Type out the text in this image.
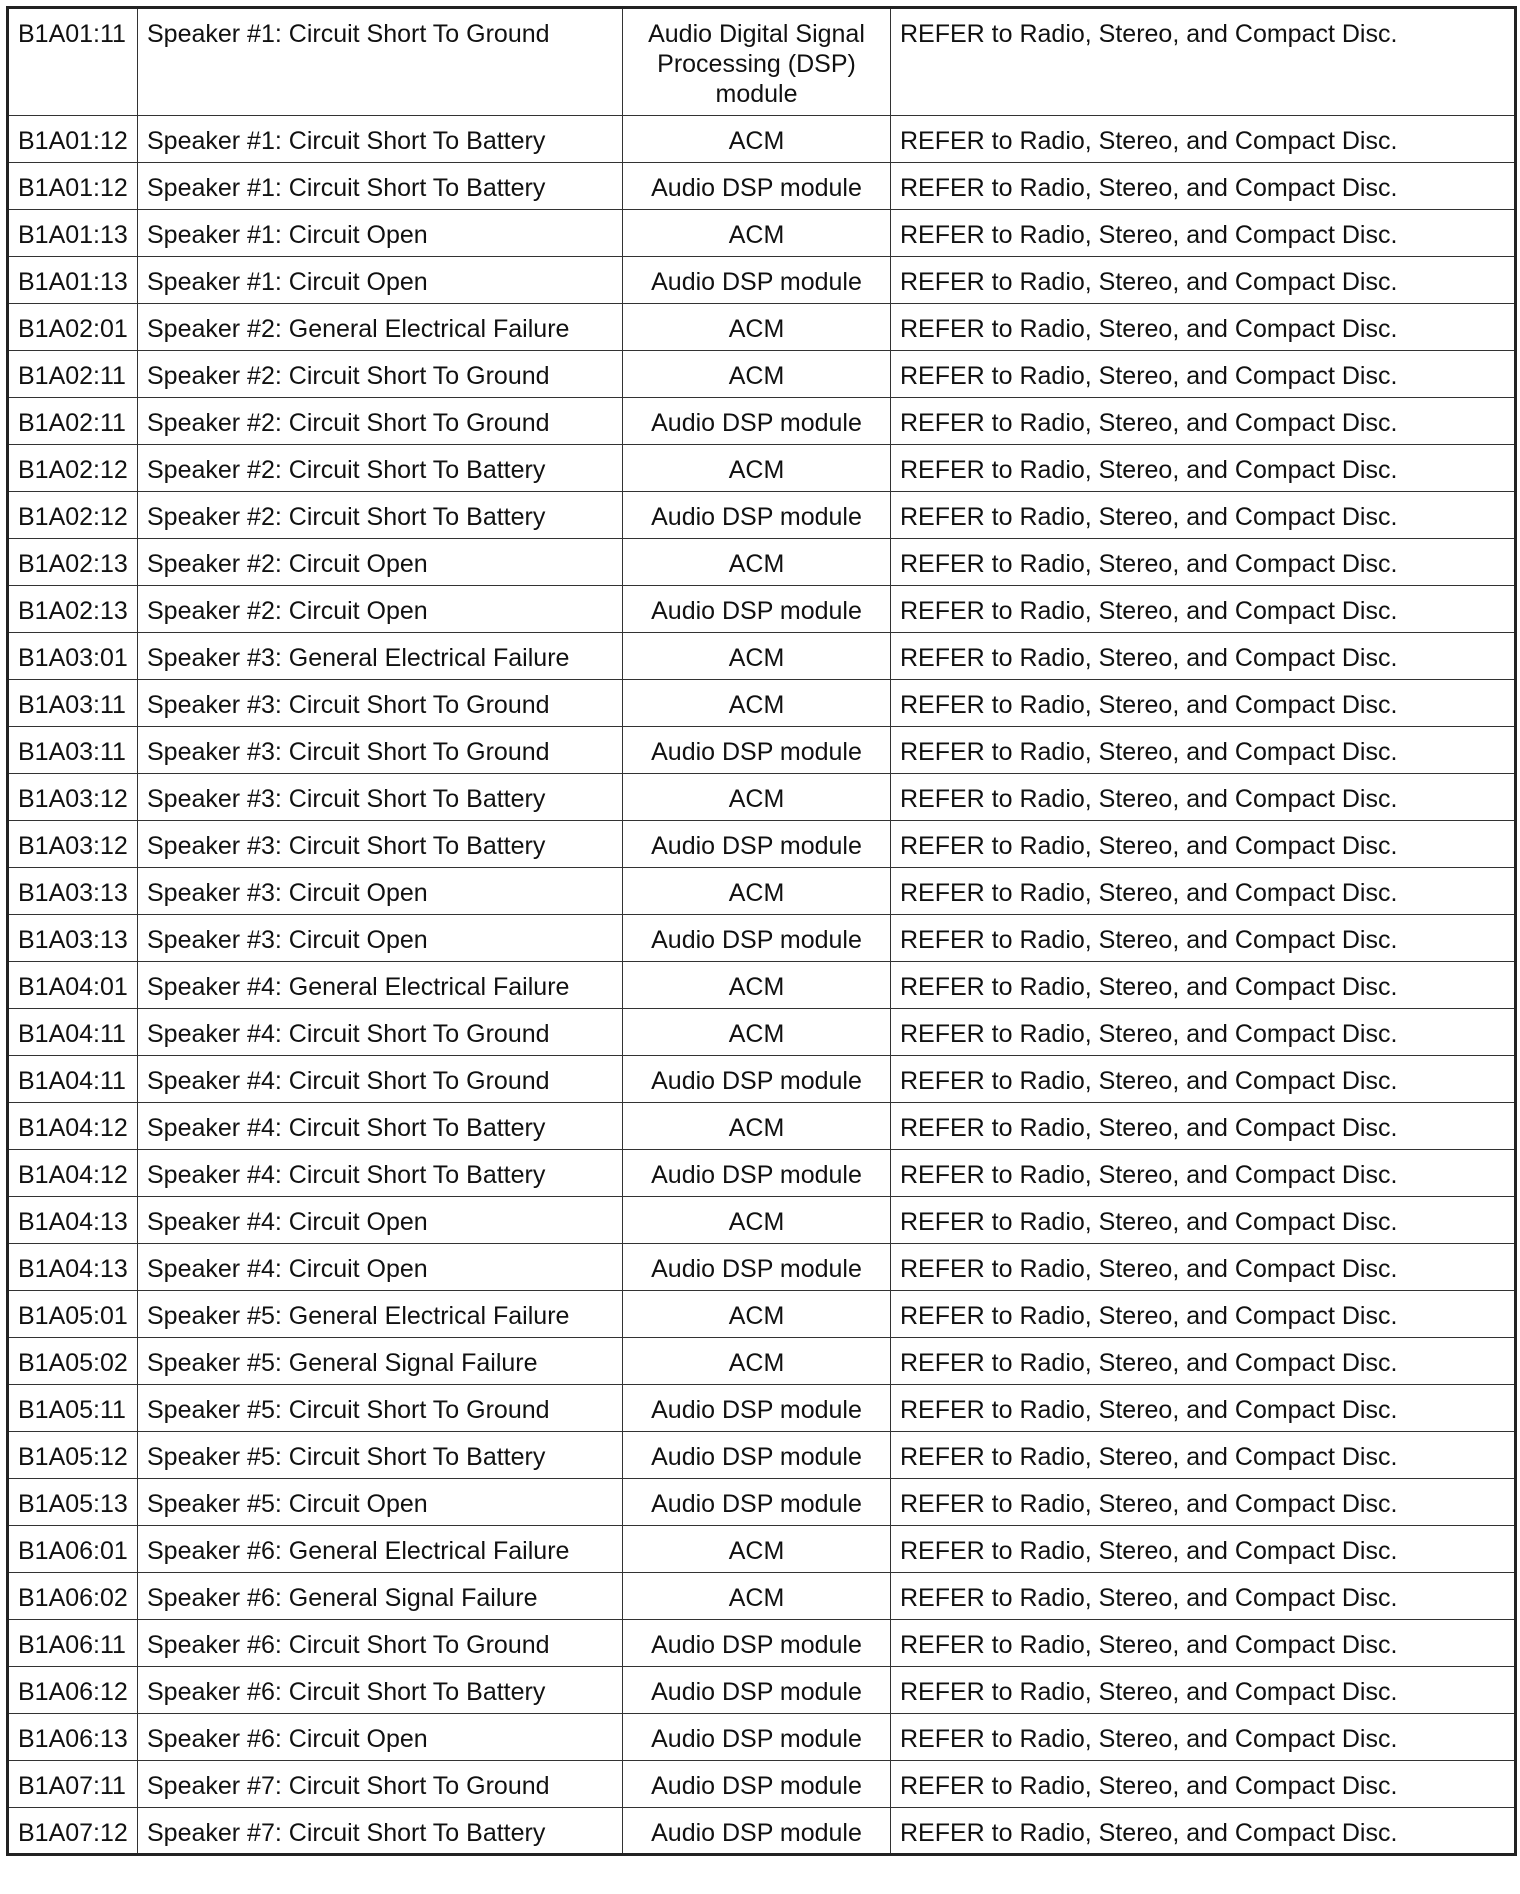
B1A01:11	Speaker #1: Circuit Short To Ground	Audio Digital Signal Processing (DSP) module	REFER to Radio, Stereo, and Compact Disc.
B1A01:12	Speaker #1: Circuit Short To Battery	ACM	REFER to Radio, Stereo, and Compact Disc.
B1A01:12	Speaker #1: Circuit Short To Battery	Audio DSP module	REFER to Radio, Stereo, and Compact Disc.
B1A01:13	Speaker #1: Circuit Open	ACM	REFER to Radio, Stereo, and Compact Disc.
B1A01:13	Speaker #1: Circuit Open	Audio DSP module	REFER to Radio, Stereo, and Compact Disc.
B1A02:01	Speaker #2: General Electrical Failure	ACM	REFER to Radio, Stereo, and Compact Disc.
B1A02:11	Speaker #2: Circuit Short To Ground	ACM	REFER to Radio, Stereo, and Compact Disc.
B1A02:11	Speaker #2: Circuit Short To Ground	Audio DSP module	REFER to Radio, Stereo, and Compact Disc.
B1A02:12	Speaker #2: Circuit Short To Battery	ACM	REFER to Radio, Stereo, and Compact Disc.
B1A02:12	Speaker #2: Circuit Short To Battery	Audio DSP module	REFER to Radio, Stereo, and Compact Disc.
B1A02:13	Speaker #2: Circuit Open	ACM	REFER to Radio, Stereo, and Compact Disc.
B1A02:13	Speaker #2: Circuit Open	Audio DSP module	REFER to Radio, Stereo, and Compact Disc.
B1A03:01	Speaker #3: General Electrical Failure	ACM	REFER to Radio, Stereo, and Compact Disc.
B1A03:11	Speaker #3: Circuit Short To Ground	ACM	REFER to Radio, Stereo, and Compact Disc.
B1A03:11	Speaker #3: Circuit Short To Ground	Audio DSP module	REFER to Radio, Stereo, and Compact Disc.
B1A03:12	Speaker #3: Circuit Short To Battery	ACM	REFER to Radio, Stereo, and Compact Disc.
B1A03:12	Speaker #3: Circuit Short To Battery	Audio DSP module	REFER to Radio, Stereo, and Compact Disc.
B1A03:13	Speaker #3: Circuit Open	ACM	REFER to Radio, Stereo, and Compact Disc.
B1A03:13	Speaker #3: Circuit Open	Audio DSP module	REFER to Radio, Stereo, and Compact Disc.
B1A04:01	Speaker #4: General Electrical Failure	ACM	REFER to Radio, Stereo, and Compact Disc.
B1A04:11	Speaker #4: Circuit Short To Ground	ACM	REFER to Radio, Stereo, and Compact Disc.
B1A04:11	Speaker #4: Circuit Short To Ground	Audio DSP module	REFER to Radio, Stereo, and Compact Disc.
B1A04:12	Speaker #4: Circuit Short To Battery	ACM	REFER to Radio, Stereo, and Compact Disc.
B1A04:12	Speaker #4: Circuit Short To Battery	Audio DSP module	REFER to Radio, Stereo, and Compact Disc.
B1A04:13	Speaker #4: Circuit Open	ACM	REFER to Radio, Stereo, and Compact Disc.
B1A04:13	Speaker #4: Circuit Open	Audio DSP module	REFER to Radio, Stereo, and Compact Disc.
B1A05:01	Speaker #5: General Electrical Failure	ACM	REFER to Radio, Stereo, and Compact Disc.
B1A05:02	Speaker #5: General Signal Failure	ACM	REFER to Radio, Stereo, and Compact Disc.
B1A05:11	Speaker #5: Circuit Short To Ground	Audio DSP module	REFER to Radio, Stereo, and Compact Disc.
B1A05:12	Speaker #5: Circuit Short To Battery	Audio DSP module	REFER to Radio, Stereo, and Compact Disc.
B1A05:13	Speaker #5: Circuit Open	Audio DSP module	REFER to Radio, Stereo, and Compact Disc.
B1A06:01	Speaker #6: General Electrical Failure	ACM	REFER to Radio, Stereo, and Compact Disc.
B1A06:02	Speaker #6: General Signal Failure	ACM	REFER to Radio, Stereo, and Compact Disc.
B1A06:11	Speaker #6: Circuit Short To Ground	Audio DSP module	REFER to Radio, Stereo, and Compact Disc.
B1A06:12	Speaker #6: Circuit Short To Battery	Audio DSP module	REFER to Radio, Stereo, and Compact Disc.
B1A06:13	Speaker #6: Circuit Open	Audio DSP module	REFER to Radio, Stereo, and Compact Disc.
B1A07:11	Speaker #7: Circuit Short To Ground	Audio DSP module	REFER to Radio, Stereo, and Compact Disc.
B1A07:12	Speaker #7: Circuit Short To Battery	Audio DSP module	REFER to Radio, Stereo, and Compact Disc.
